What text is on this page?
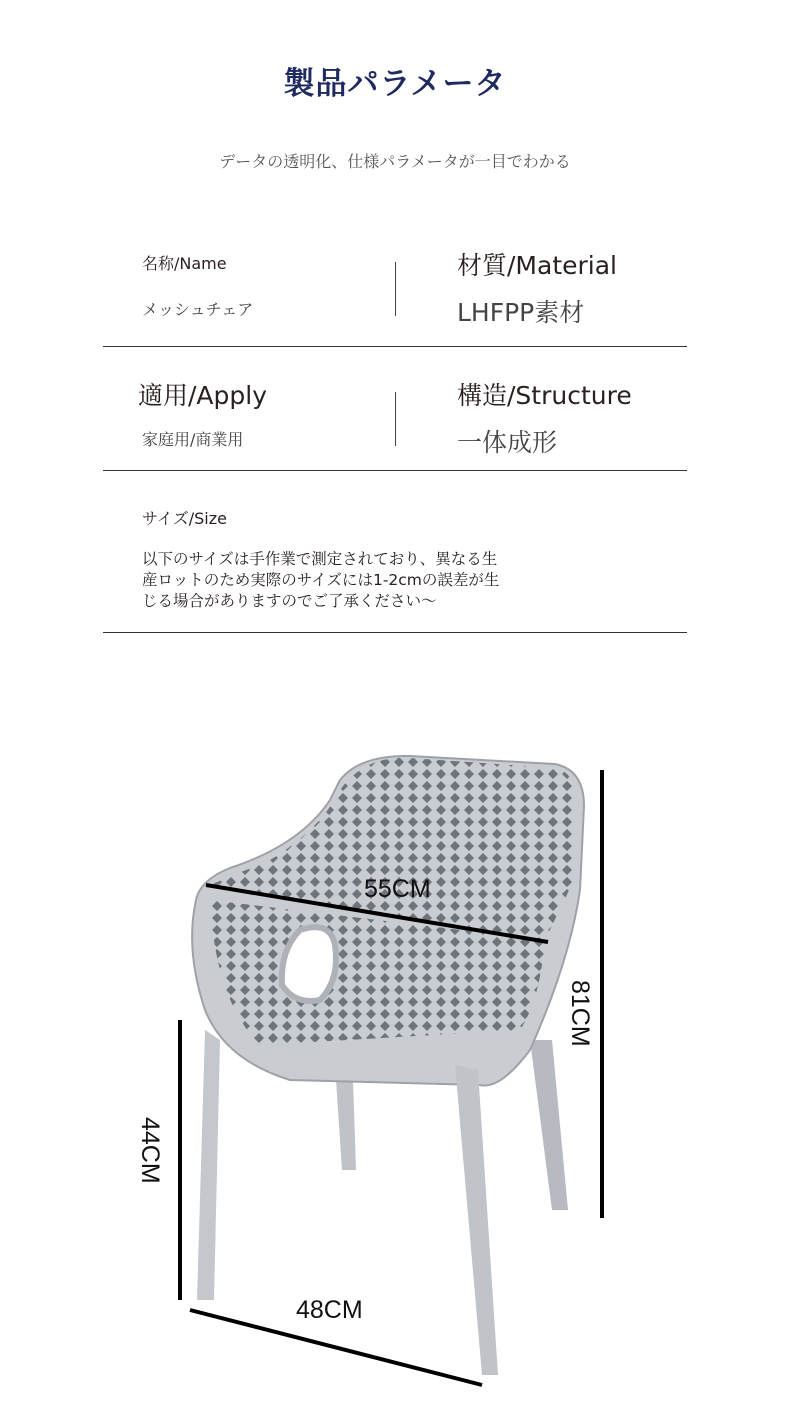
製品パラメータ
データの透明化、仕様パラメータが一目でわかる
名称/Name
メッシュチェア
材質/Material
LHFPP素材
適用/Apply
家庭用/商業用
構造/Structure
一体成形
サイズ/Size
以下のサイズは手作業で測定されており、異なる生
産ロットのため実際のサイズには1-2cmの誤差が生
じる場合がありますのでご了承ください〜
55CM
81CM
44CM
48CM
